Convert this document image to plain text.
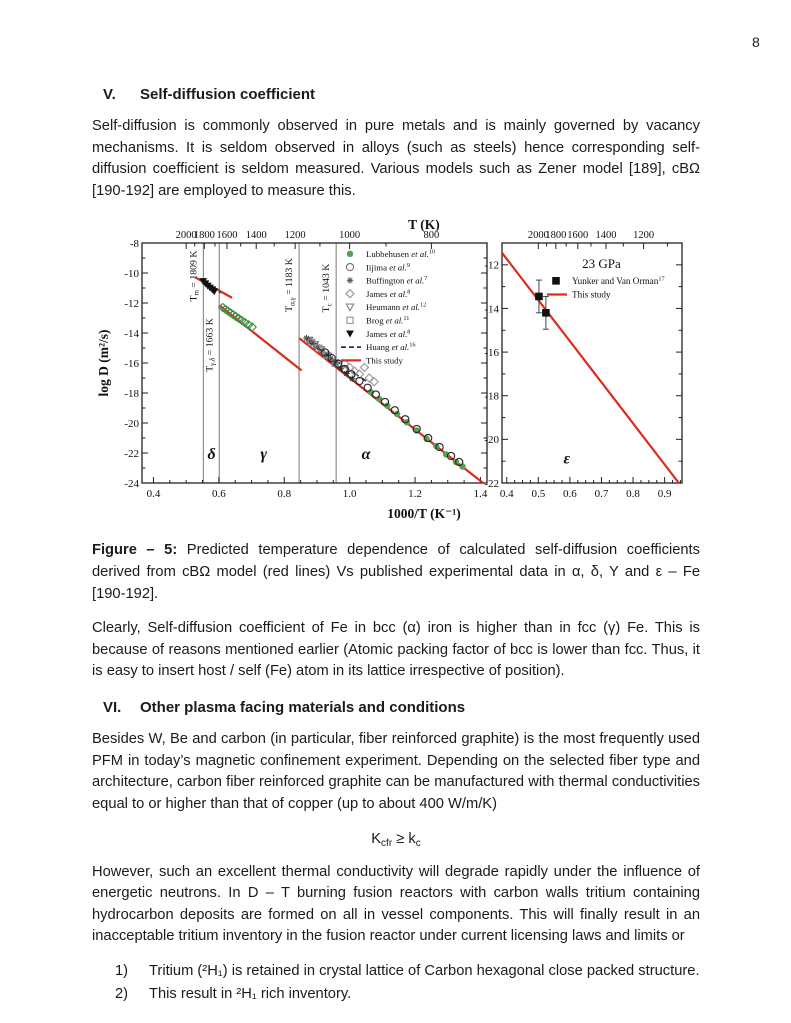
8
V.	Self-diffusion coefficient

Self-diffusion is commonly observed in pure metals and is mainly governed by vacancy mechanisms. It is seldom observed in alloys (such as steels) hence corresponding self-diffusion coefficient is seldom measured. Various models such as Zener model [189], cBΩ [190-192] are employed to measure this.

$T_m = 1809$ K
$T_{\gamma,\delta} = 1663$ K
$T_{\alpha,\gamma} = 1183$ K
$T_c = 1043$ K
0.4	0.6	0.8	1.0	1.2	1.4
-8
-10
-12
-14
-16
-18
-20
-22
-24
2000
1800 1600 1400 1200	1000	800
δ	γ	α
Lubbehusen et al.$^{10}$
Iijima et al.$^9$
Buffington et al.$^7$
James et al.$^8$
Heumann et al.$^{12}$
Brog et al.$^{11}$
James et al.$^8$
Huang et al.$^{16}$
This study
0.4 0.5 0.6 0.7 0.8 0.9
-12
-14
-16
-18
-20
-22
2000
1800 1600 1400 1200
ε
23 GPa
Yunker and Van Orman$^{17}$
This study
T (K)
1000/T (K⁻¹)
log D (m²/s)

Figure – 5: Predicted temperature dependence of calculated self-diffusion coefficients derived from cBΩ model (red lines) Vs published experimental data in α, δ, Υ and ε – Fe [190-192].

Clearly, Self-diffusion coefficient of Fe in bcc (α) iron is higher than in fcc (γ) Fe. This is because of reasons mentioned earlier (Atomic packing factor of bcc is lower than fcc. Thus, it is easy to insert host / self (Fe) atom in its lattice irrespective of position).

VI.	Other plasma facing materials and conditions

Besides W, Be and carbon (in particular, fiber reinforced graphite) is the most frequently used PFM in today’s magnetic confinement experiment. Depending on the selected fiber type and architecture, carbon fiber reinforced graphite can be manufactured with thermal conductivities equal to or higher than that of copper (up to about 400 W/m/K)

$K_{cfr} \ge k_c$

However, such an excellent thermal conductivity will degrade rapidly under the influence of energetic neutrons. In D – T burning fusion reactors with carbon walls tritium containing hydrocarbon deposits are formed on all in vessel components. This will finally result in an inacceptable tritium inventory in the fusion reactor under current licensing laws and limits or

1)	Tritium (²H₁) is retained in crystal lattice of Carbon hexagonal close packed structure.
2)	This result in ²H₁ rich inventory.
